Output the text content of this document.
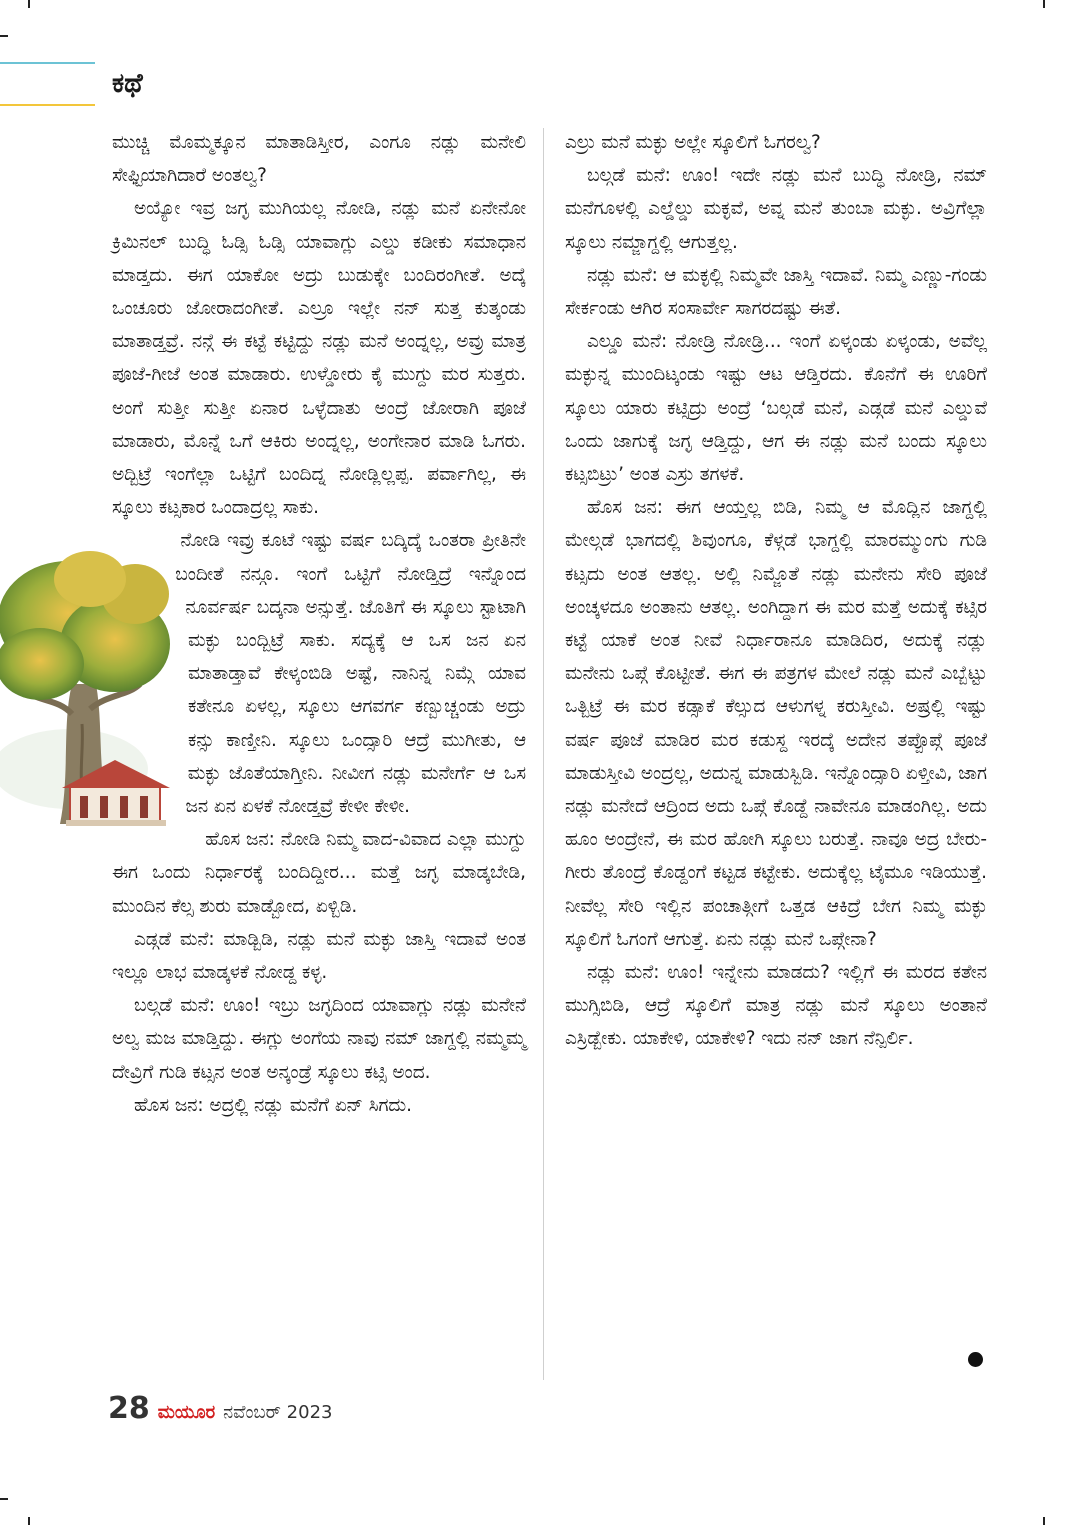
ಕಥೆ

ಮುಚ್ಚಿ ಮೊಮ್ಮಕ್ಕೂನ ಮಾತಾಡಿಸ್ತೀರ, ಎಂಗೂ ನಡ್ಲು ಮನೇಲಿ ಸೇಫ್ಟಿಯಾಗಿದಾರೆ ಅಂತಲ್ವ?

ಅಯ್ಯೋ ಇವ್ರ ಜಗ್ಳ ಮುಗಿಯಲ್ಲ ನೋಡಿ, ನಡ್ಲು ಮನೆ ಏನೇನೋ ಕ್ರಿಮಿನಲ್ ಬುದ್ಧಿ ಓಡ್ಸಿ ಓಡ್ಸಿ ಯಾವಾಗ್ಲು ಎಲ್ಡು ಕಡೀಕು ಸಮಾಧಾನ ಮಾಡ್ತದು. ಈಗ ಯಾಕೋ ಅದ್ರು ಬುಡುಕ್ಕೇ ಬಂದಿರಂಗೀತೆ. ಅದ್ಕೆ ಒಂಚೂರು ಜೋರಾದಂಗೀತೆ. ಎಲ್ರೂ ಇಲ್ಲೇ ನನ್ ಸುತ್ತ ಕುತ್ಕಂಡು ಮಾತಾಡ್ತವ್ರೆ. ನನ್ಗೆ ಈ ಕಟ್ಟೆ ಕಟ್ಟಿದ್ದು ನಡ್ಲು ಮನೆ ಅಂದ್ನಲ್ಲ, ಅವ್ರು ಮಾತ್ರ ಪೂಜೆ-ಗೀಜೆ ಅಂತ ಮಾಡಾರು. ಉಳ್ಡೋರು ಕೈ ಮುಗ್ದು ಮರ ಸುತ್ತರು. ಅಂಗೆ ಸುತ್ತೀ ಸುತ್ತೀ ಏನಾರ ಒಳ್ಳೆದಾತು ಅಂದ್ರೆ ಜೋರಾಗಿ ಪೂಜೆ ಮಾಡಾರು, ಮೊನ್ನೆ ಒಗೆ ಆಕಿರು ಅಂದ್ನಲ್ಲ, ಅಂಗೇನಾರ ಮಾಡಿ ಓಗರು. ಅದ್ಬಿಟ್ರೆ ಇಂಗೆಲ್ಲಾ ಒಟ್ಟಿಗೆ ಬಂದಿದ್ನ ನೋಡ್ಲಿಲ್ಲಪ್ಪ. ಪರ್ವಾಗಿಲ್ಲ, ಈ ಸ್ಕೂಲು ಕಟ್ಸಕಾರ ಒಂದಾದ್ರಲ್ಲ ಸಾಕು.

ನೋಡಿ ಇವ್ರು ಕೂಟೆ ಇಷ್ಟು ವರ್ಷ ಬದ್ಕಿದ್ಕೆ ಒಂತರಾ ಪ್ರೀತಿನೇ ಬಂದೀತೆ ನನ್ಗೂ. ಇಂಗೆ ಒಟ್ಟಿಗೆ ನೋಡ್ತಿದ್ರೆ ಇನ್ನೊಂದ ನೂರ್ವರ್ಷ ಬದ್ಕನಾ ಅನ್ಸುತ್ತೆ. ಜೊತಿಗೆ ಈ ಸ್ಕೂಲು ಸ್ಟಾಟಾಗಿ ಮಕ್ಳು ಬಂದ್ಬಿಟ್ರೆ ಸಾಕು. ಸದ್ಯಕ್ಕೆ ಆ ಒಸ ಜನ ಏನ ಮಾತಾಡ್ತಾವೆ ಕೇಳ್ಕಂಬಿಡಿ ಅಷ್ಟೆ, ನಾನಿನ್ನ ನಿಮ್ಗೆ ಯಾವ ಕತೇನೂ ಏಳಲ್ಲ, ಸ್ಕೂಲು ಆಗವರ್ಗ ಕಣ್ಬುಚ್ಚಂಡು ಅದ್ರು ಕನ್ಸು ಕಾಣ್ತೀನಿ. ಸ್ಕೂಲು ಒಂದ್ಸಾರಿ ಆದ್ರೆ ಮುಗೀತು, ಆ ಮಕ್ಳು ಜೊತೆಯಾಗ್ತೀನಿ. ನೀವೀಗ ನಡ್ಲು ಮನೇರ್ಗೆ ಆ ಒಸ ಜನ ಏನ ಏಳಕೆ ನೋಡ್ತವ್ರೆ ಕೇಳೀ ಕೇಳೀ.

ಹೊಸ ಜನ: ನೋಡಿ ನಿಮ್ಮ ವಾದ-ವಿವಾದ ಎಲ್ಲಾ ಮುಗ್ದು ಈಗ ಒಂದು ನಿರ್ಧಾರಕ್ಕೆ ಬಂದಿದ್ದೀರ... ಮತ್ತೆ ಜಗ್ಳ ಮಾಡ್ಕಬೇಡಿ, ಮುಂದಿನ ಕೆಲ್ಸ ಶುರು ಮಾಡ್ಬೋದ, ಏಳ್ಬಿಡಿ.

ಎಡ್ಗಡೆ ಮನೆ: ಮಾಡ್ಬಿಡಿ, ನಡ್ಲು ಮನೆ ಮಕ್ಳು ಜಾಸ್ತಿ ಇದಾವೆ ಅಂತ ಇಲ್ಲೂ ಲಾಭ ಮಾಡ್ಕಳಕೆ ನೋಡ್ದ ಕಳ್ಳ.

ಬಲ್ಗಡೆ ಮನೆ: ಊಂ! ಇಬ್ರು ಜಗ್ಳದಿಂದ ಯಾವಾಗ್ಲು ನಡ್ಲು ಮನೇನೆ ಅಲ್ವ ಮಜ ಮಾಡ್ತಿದ್ದು. ಈಗ್ಲು ಅಂಗೆಯ ನಾವು ನಮ್ ಜಾಗ್ದಲ್ಲಿ ನಮ್ಮಮ್ಮ ದೇವ್ರಿಗೆ ಗುಡಿ ಕಟ್ಸನ ಅಂತ ಅನ್ಕಂಡ್ರೆ ಸ್ಕೂಲು ಕಟ್ಸಿ ಅಂದ.

ಹೊಸ ಜನ: ಅದ್ರಲ್ಲಿ ನಡ್ಲು ಮನೆಗೆ ಏನ್ ಸಿಗದು.

ಎಲ್ರು ಮನೆ ಮಕ್ಳು ಅಲ್ಲೇ ಸ್ಕೂಲಿಗೆ ಓಗರಲ್ವ?

ಬಲ್ಗಡೆ ಮನೆ: ಊಂ! ಇದೇ ನಡ್ಲು ಮನೆ ಬುದ್ಧಿ ನೋಡ್ರಿ, ನಮ್ ಮನೆಗೂಳಲ್ಲಿ ಎಲ್ಡೆಲ್ಡು ಮಕ್ಳವೆ, ಅವ್ನ ಮನೆ ತುಂಬಾ ಮಕ್ಳು. ಅವ್ರಿಗೆಲ್ಲಾ ಸ್ಕೂಲು ನಮ್ಜಾಗ್ದಲ್ಲಿ ಆಗುತ್ತಲ್ಲ.

ನಡ್ಲು ಮನೆ: ಆ ಮಕ್ಳಲ್ಲಿ ನಿಮ್ಮವೇ ಜಾಸ್ತಿ ಇದಾವೆ. ನಿಮ್ಮ ಎಣ್ಣು-ಗಂಡು ಸೇರ್ಕಂಡು ಆಗಿರ ಸಂಸಾರ್ವೇ ಸಾಗರದಷ್ಟು ಈತೆ.

ಎಲ್ಡೂ ಮನೆ: ನೋಡ್ರಿ ನೋಡ್ರಿ... ಇಂಗೆ ಏಳ್ಕಂಡು ಏಳ್ಕಂಡು, ಅವೆಲ್ಲ ಮಕ್ಳುನ್ನ ಮುಂದಿಟ್ಕಂಡು ಇಷ್ಟು ಆಟ ಆಡ್ತಿರದು. ಕೊನೆಗೆ ಈ ಊರಿಗೆ ಸ್ಕೂಲು ಯಾರು ಕಟ್ಸಿದ್ರು ಅಂದ್ರೆ ‘ಬಲ್ಗಡೆ ಮನೆ, ಎಡ್ಗಡೆ ಮನೆ ಎಲ್ಡುವೆ ಒಂದು ಜಾಗುಕ್ಕೆ ಜಗ್ಳ ಆಡ್ತಿದ್ದು, ಆಗ ಈ ನಡ್ಲು ಮನೆ ಬಂದು ಸ್ಕೂಲು ಕಟ್ಸಬಿಟ್ರು’ ಅಂತ ಎಸ್ರು ತಗಳಕೆ.

ಹೊಸ ಜನ: ಈಗ ಆಯ್ತಲ್ಲ ಬಿಡಿ, ನಿಮ್ಮ ಆ ಮೊದ್ಲಿನ ಜಾಗ್ದಲ್ಲಿ ಮೇಲ್ಗಡೆ ಭಾಗದಲ್ಲಿ ಶಿವುಂಗೂ, ಕೆಳ್ಗಡೆ ಭಾಗ್ದಲ್ಲಿ ಮಾರಮ್ಮುಂಗು ಗುಡಿ ಕಟ್ಸದು ಅಂತ ಆತಲ್ಲ. ಅಲ್ಲಿ ನಿಮ್ಜೊತೆ ನಡ್ಲು ಮನೇನು ಸೇರಿ ಪೂಜೆ ಅಂಚ್ಕಳದೂ ಅಂತಾನು ಆತಲ್ಲ. ಅಂಗಿದ್ದಾಗ ಈ ಮರ ಮತ್ತೆ ಅದುಕ್ಕೆ ಕಟ್ಸಿರ ಕಟ್ಟೆ ಯಾಕೆ ಅಂತ ನೀವೆ ನಿರ್ಧಾರಾನೂ ಮಾಡಿದಿರ, ಅದುಕ್ಕೆ ನಡ್ಲು ಮನೇನು ಒಪ್ಗೆ ಕೊಟ್ಟೀತೆ. ಈಗ ಈ ಪತ್ರಗಳ ಮೇಲೆ ನಡ್ಲು ಮನೆ ಎಬ್ಬೆಟ್ಟು ಒತ್ಬಿಟ್ರೆ ಈ ಮರ ಕಡ್ಸಾಕೆ ಕೆಲ್ಸುದ ಆಳುಗಳ್ನ ಕರುಸ್ತೀವಿ. ಅಷ್ರಲ್ಲಿ ಇಷ್ಟು ವರ್ಷ ಪೂಜೆ ಮಾಡಿರ ಮರ ಕಡುಸ್ದ ಇರದ್ಕೆ ಅದೇನ ತಪ್ಪೊಪ್ಗೆ ಪೂಜೆ ಮಾಡುಸ್ತೀವಿ ಅಂದ್ರಲ್ಲ, ಅದುನ್ನ ಮಾಡುಸ್ಬಿಡಿ. ಇನ್ನೊಂದ್ಸಾರಿ ಏಳ್ತೀವಿ, ಜಾಗ ನಡ್ಲು ಮನೇದೆ ಆದ್ರಿಂದ ಅದು ಒಪ್ಗೆ ಕೊಡ್ದೆ ನಾವೇನೂ ಮಾಡಂಗಿಲ್ಲ. ಅದು ಹೂಂ ಅಂದ್ರೇನೆ, ಈ ಮರ ಹೋಗಿ ಸ್ಕೂಲು ಬರುತ್ತೆ. ನಾವೂ ಅದ್ರ ಬೇರು-ಗೀರು ತೊಂದ್ರೆ ಕೊಡ್ದಂಗೆ ಕಟ್ಟಡ ಕಟ್ಟೇಕು. ಅದುಕ್ಕೆಲ್ಲ ಟೈಮೂ ಇಡಿಯುತ್ತೆ. ನೀವೆಲ್ಲ ಸೇರಿ ಇಲ್ಲಿನ ಪಂಚಾತ್ಗೀಗೆ ಒತ್ತಡ ಆಕಿದ್ರೆ ಬೇಗ ನಿಮ್ಮ ಮಕ್ಳು ಸ್ಕೂಲಿಗೆ ಓಗಂಗೆ ಆಗುತ್ತೆ. ಏನು ನಡ್ಲು ಮನೆ ಒಪ್ಗೇನಾ?

ನಡ್ಲು ಮನೆ: ಊಂ! ಇನ್ನೇನು ಮಾಡದು? ಇಲ್ಲಿಗೆ ಈ ಮರದ ಕತೇನ ಮುಗ್ಸಿಬಿಡಿ, ಆದ್ರೆ ಸ್ಕೂಲಿಗೆ ಮಾತ್ರ ನಡ್ಲು ಮನೆ ಸ್ಕೂಲು ಅಂತಾನೆ ಎಸ್ರಿಡ್ಬೇಕು. ಯಾಕೇಳಿ, ಯಾಕೇಳಿ? ಇದು ನನ್ ಜಾಗ ನೆನ್ಪಿರ್ಲಿ.

28 ಮಯೂರ ನವೆಂಬರ್ 2023
